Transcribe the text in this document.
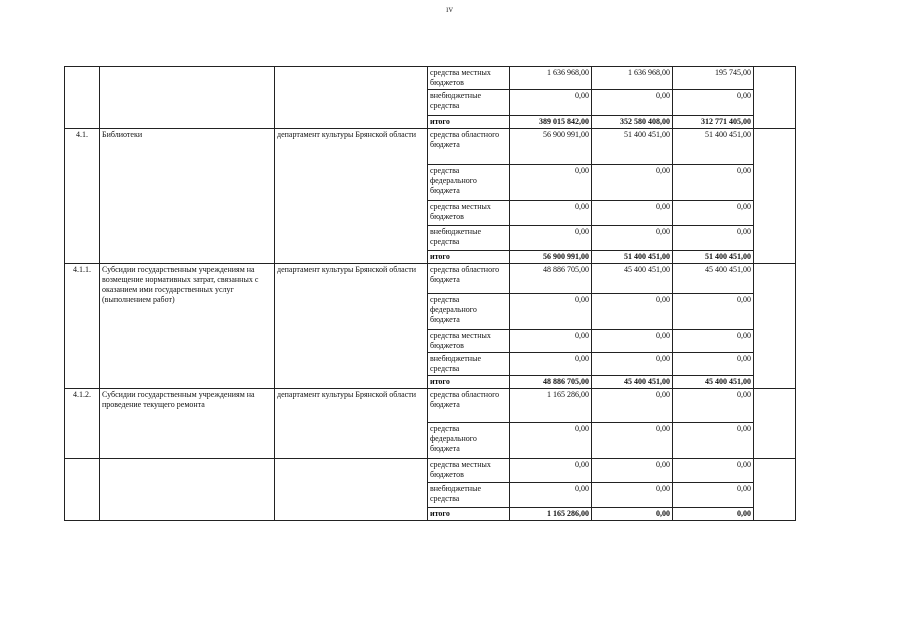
ıv
			средства местных бюджетов	1 636 968,00	1 636 968,00	195 745,00	
			внебюджетные средства	0,00	0,00	0,00	
			итого	389 015 842,00	352 580 408,00	312 771 405,00	
4.1.	Библиотеки	департамент культуры Брянской области	средства областного бюджета	56 900 991,00	51 400 451,00	51 400 451,00	
			средства федерального бюджета	0,00	0,00	0,00	
			средства местных бюджетов	0,00	0,00	0,00	
			внебюджетные средства	0,00	0,00	0,00	
			итого	56 900 991,00	51 400 451,00	51 400 451,00	
4.1.1.	Субсидии государственным учреждениям на возмещение нормативных затрат, связанных с оказанием ими государственных услуг (выполнением работ)	департамент культуры Брянской области	средства областного бюджета	48 886 705,00	45 400 451,00	45 400 451,00	
			средства федерального бюджета	0,00	0,00	0,00	
			средства местных бюджетов	0,00	0,00	0,00	
			внебюджетные средства	0,00	0,00	0,00	
			итого	48 886 705,00	45 400 451,00	45 400 451,00	
4.1.2.	Субсидии государственным учреждениям на проведение текущего ремонта	департамент культуры Брянской области	средства областного бюджета	1 165 286,00	0,00	0,00	
			средства федерального бюджета	0,00	0,00	0,00	
			средства местных бюджетов	0,00	0,00	0,00	
			внебюджетные средства	0,00	0,00	0,00	
			итого	1 165 286,00	0,00	0,00	
